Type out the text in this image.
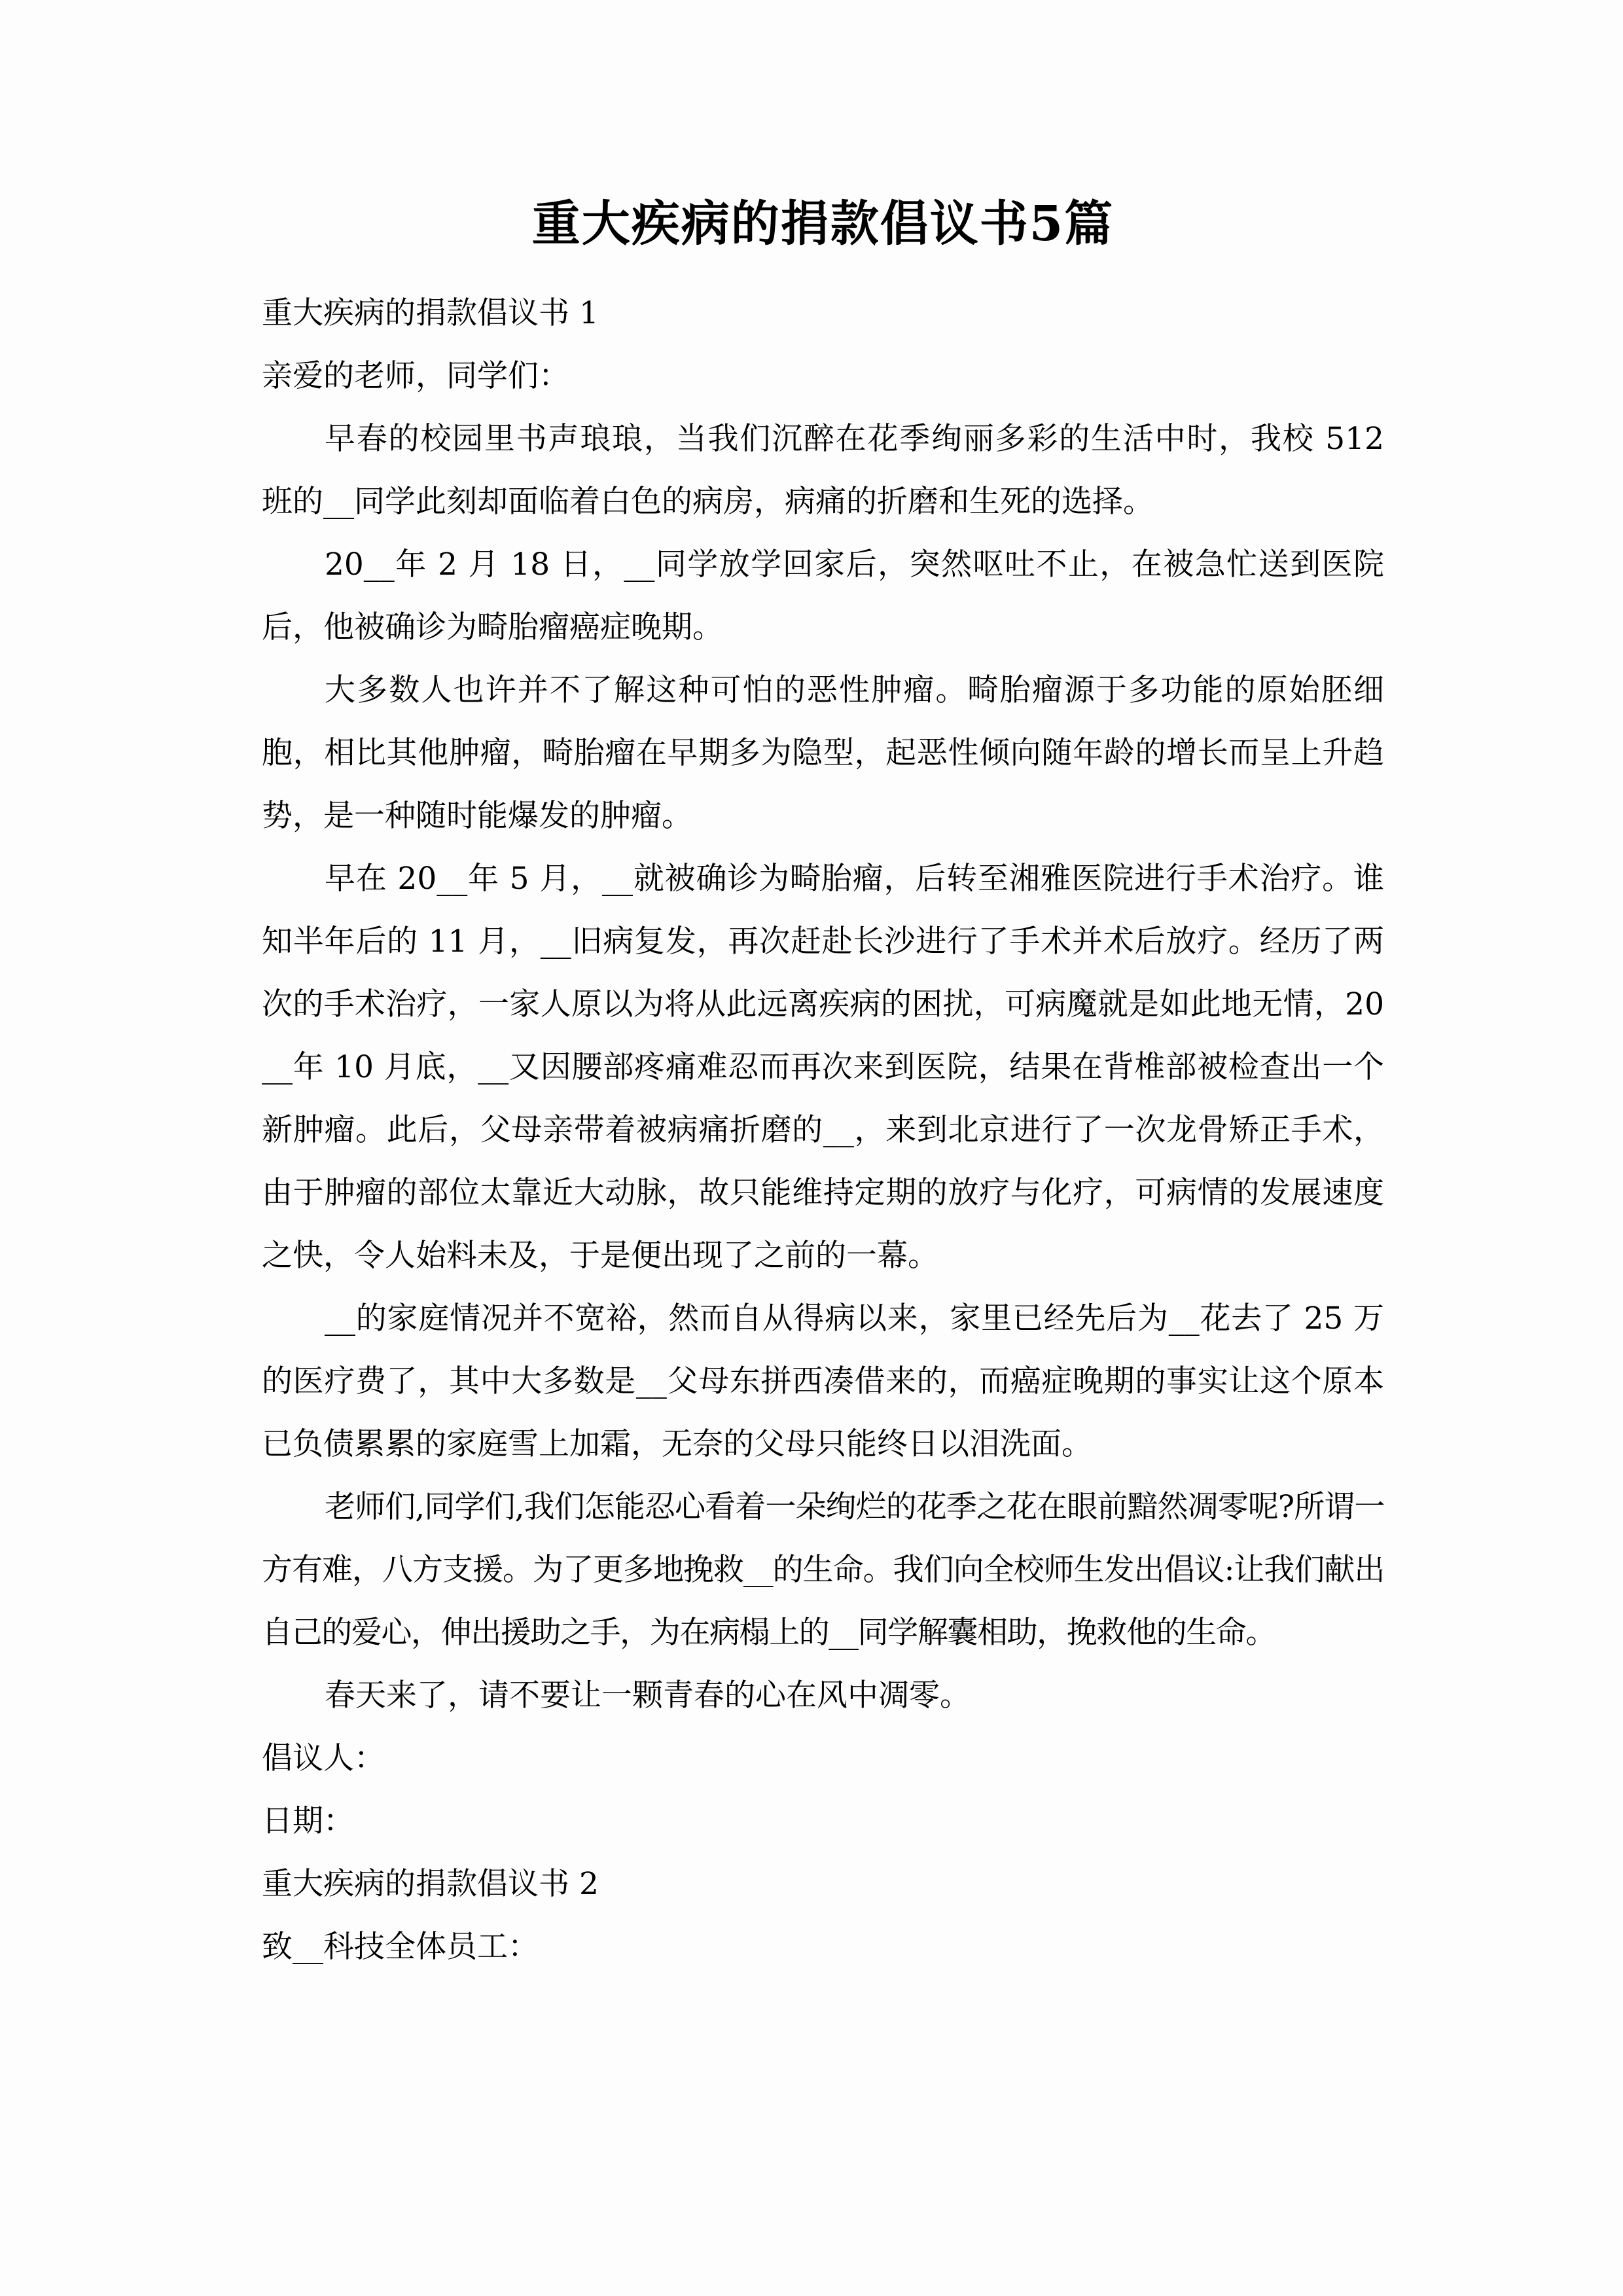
重大疾病的捐款倡议书5篇

重大疾病的捐款倡议书 1

亲爱的老师，同学们：

早春的校园里书声琅琅，当我们沉醉在花季绚丽多彩的生活中时，我校 512 班的__同学此刻却面临着白色的病房，病痛的折磨和生死的选择。

20__年 2 月 18 日，__同学放学回家后，突然呕吐不止，在被急忙送到医院后，他被确诊为畸胎瘤癌症晚期。

大多数人也许并不了解这种可怕的恶性肿瘤。畸胎瘤源于多功能的原始胚细胞，相比其他肿瘤，畸胎瘤在早期多为隐型，起恶性倾向随年龄的增长而呈上升趋势，是一种随时能爆发的肿瘤。

早在 20__年 5 月，__就被确诊为畸胎瘤，后转至湘雅医院进行手术治疗。谁知半年后的 11 月，__旧病复发，再次赶赴长沙进行了手术并术后放疗。经历了两次的手术治疗，一家人原以为将从此远离疾病的困扰，可病魔就是如此地无情，20__年 10 月底，__又因腰部疼痛难忍而再次来到医院，结果在背椎部被检查出一个新肿瘤。此后，父母亲带着被病痛折磨的__，来到北京进行了一次龙骨矫正手术，由于肿瘤的部位太靠近大动脉，故只能维持定期的放疗与化疗，可病情的发展速度之快，令人始料未及，于是便出现了之前的一幕。

__的家庭情况并不宽裕，然而自从得病以来，家里已经先后为__花去了 25 万的医疗费了，其中大多数是__父母东拼西凑借来的，而癌症晚期的事实让这个原本已负债累累的家庭雪上加霜，无奈的父母只能终日以泪洗面。

老师们,同学们,我们怎能忍心看着一朵绚烂的花季之花在眼前黯然凋零呢?所谓一方有难，八方支援。为了更多地挽救__的生命。我们向全校师生发出倡议:让我们献出自己的爱心，伸出援助之手，为在病榻上的__同学解囊相助，挽救他的生命。

春天来了，请不要让一颗青春的心在风中凋零。

倡议人：

日期：

重大疾病的捐款倡议书 2

致__科技全体员工：
